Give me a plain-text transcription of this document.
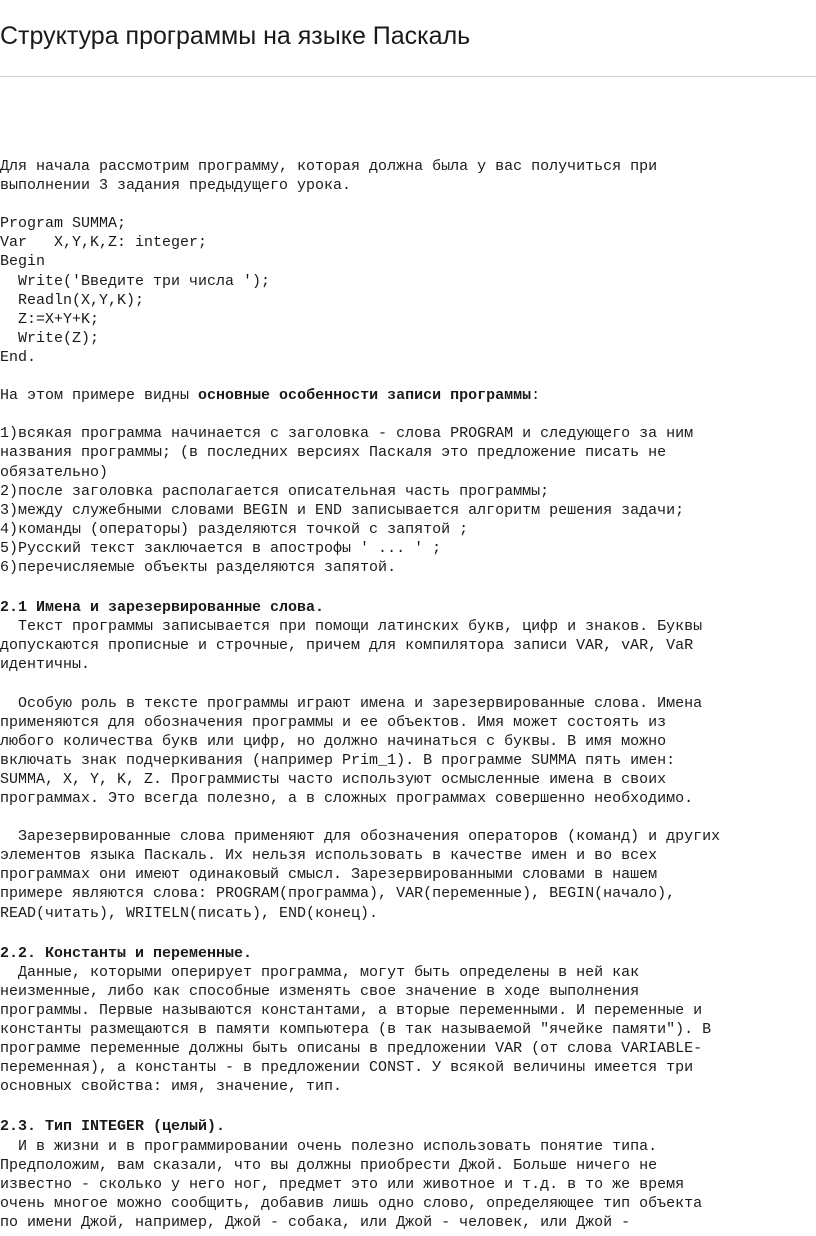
Структура программы на языке Паскаль
Для начала рассмотрим программу, которая должна была у вас получиться при
выполнении 3 задания предыдущего урока.
Program SUMMA;
Var   X,Y,K,Z: integer;
Begin
Write('Введите три числа ');
Readln(X,Y,K);
Z:=X+Y+K;
Write(Z);
End.
На этом примере видны основные особенности записи программы:
1)всякая программа начинается с заголовка - слова PROGRAM и следующего за ним
названия программы; (в последних версиях Паскаля это предложение писать не
обязательно)
2)после заголовка располагается описательная часть программы;
3)между служебными словами BEGIN и END записывается алгоритм решения задачи;
4)команды (операторы) разделяются точкой с запятой ;
5)Русский текст заключается в апострофы ' ... ' ;
6)перечисляемые объекты разделяются запятой.
2.1 Имена и зарезервированные слова.
Текст программы записывается при помощи латинских букв, цифр и знаков. Буквы
допускаются прописные и строчные, причем для компилятора записи VAR, vAR, VaR
идентичны.
Особую роль в тексте программы играют имена и зарезервированные слова. Имена
применяются для обозначения программы и ее объектов. Имя может состоять из
любого количества букв или цифр, но должно начинаться с буквы. В имя можно
включать знак подчеркивания (например Prim_1). В программе SUMMA пять имен:
SUMMA, X, Y, K, Z. Программисты часто используют осмысленные имена в своих
программах. Это всегда полезно, а в сложных программах совершенно необходимо.
Зарезервированные слова применяют для обозначения операторов (команд) и других
элементов языка Паскаль. Их нельзя использовать в качестве имен и во всех
программах они имеют одинаковый смысл. Зарезервированными словами в нашем
примере являются слова: PROGRAM(программа), VAR(переменные), BEGIN(начало),
READ(читать), WRITELN(писать), END(конец).
2.2. Константы и переменные.
Данные, которыми оперирует программа, могут быть определены в ней как
неизменные, либо как способные изменять свое значение в ходе выполнения
программы. Первые называются константами, а вторые переменными. И переменные и
константы размещаются в памяти компьютера (в так называемой "ячейке памяти"). В
программе переменные должны быть описаны в предложении VAR (от слова VARIABLE-
переменная), а константы - в предложении CONST. У всякой величины имеется три
основных свойства: имя, значение, тип.
2.3. Тип INTEGER (целый).
И в жизни и в программировании очень полезно использовать понятие типа.
Предположим, вам сказали, что вы должны приобрести Джой. Больше ничего не
известно - сколько у него ног, предмет это или животное и т.д. в то же время
очень многое можно сообщить, добавив лишь одно слово, определяющее тип объекта
по имени Джой, например, Джой - собака, или Джой - человек, или Джой -
